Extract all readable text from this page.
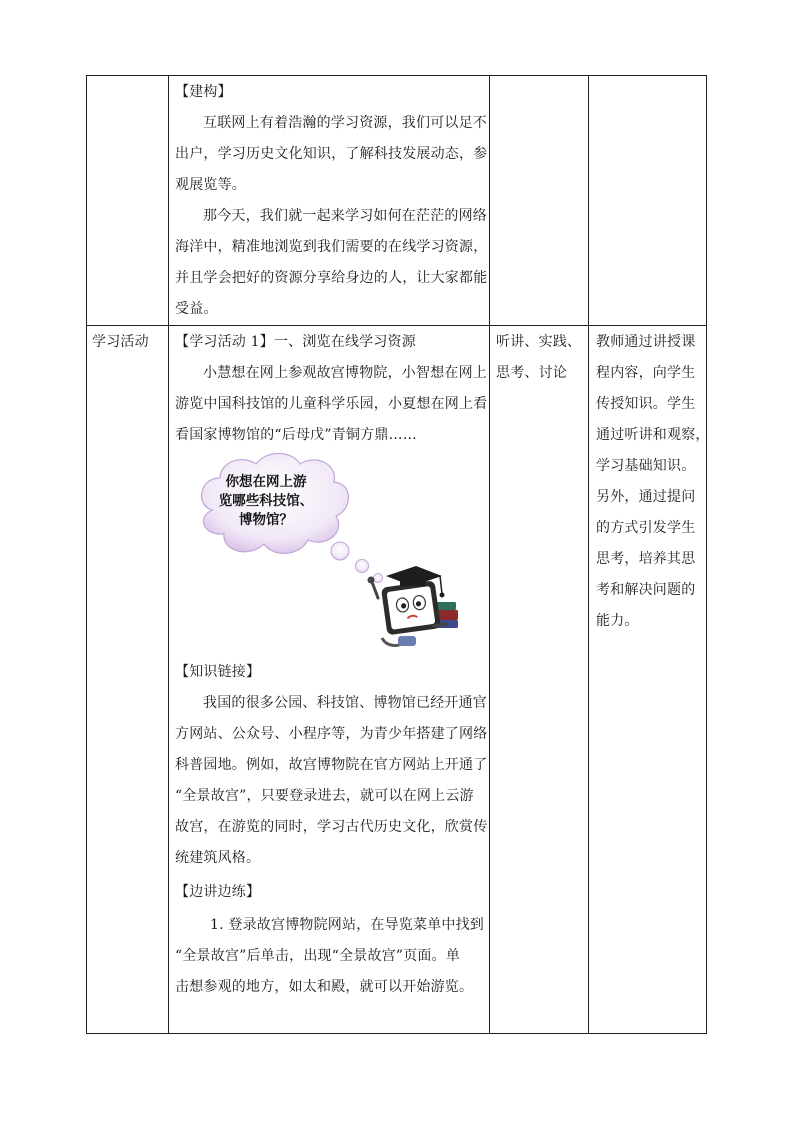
【建构】
互联网上有着浩瀚的学习资源，我们可以足不
出户，学习历史文化知识，了解科技发展动态，参
观展览等。
那今天，我们就一起来学习如何在茫茫的网络
海洋中，精准地浏览到我们需要的在线学习资源，
并且学会把好的资源分享给身边的人，让大家都能
受益。
学习活动 【学习活动 1】一、浏览在线学习资源
小慧想在网上参观故宫博物院，小智想在网上
游览中国科技馆的儿童科学乐园，小夏想在网上看
看国家博物馆的“后母戊”青铜方鼎……
你想在网上游
览哪些科技馆、
博物馆？
【知识链接】
我国的很多公园、科技馆、博物馆已经开通官
方网站、公众号、小程序等，为青少年搭建了网络
科普园地。例如，故宫博物院在官方网站上开通了
“全景故宫”，只要登录进去，就可以在网上云游
故宫，在游览的同时，学习古代历史文化，欣赏传
统建筑风格。
【边讲边练】
1. 登录故宫博物院网站，在导览菜单中找到
“全景故宫”后单击，出现“全景故宫”页面。单
击想参观的地方，如太和殿，就可以开始游览。
听讲、实践、
思考、讨论
教师通过讲授课
程内容，向学生
传授知识。学生
通过听讲和观察，
学习基础知识。
另外，通过提问
的方式引发学生
思考，培养其思
考和解决问题的
能力。
